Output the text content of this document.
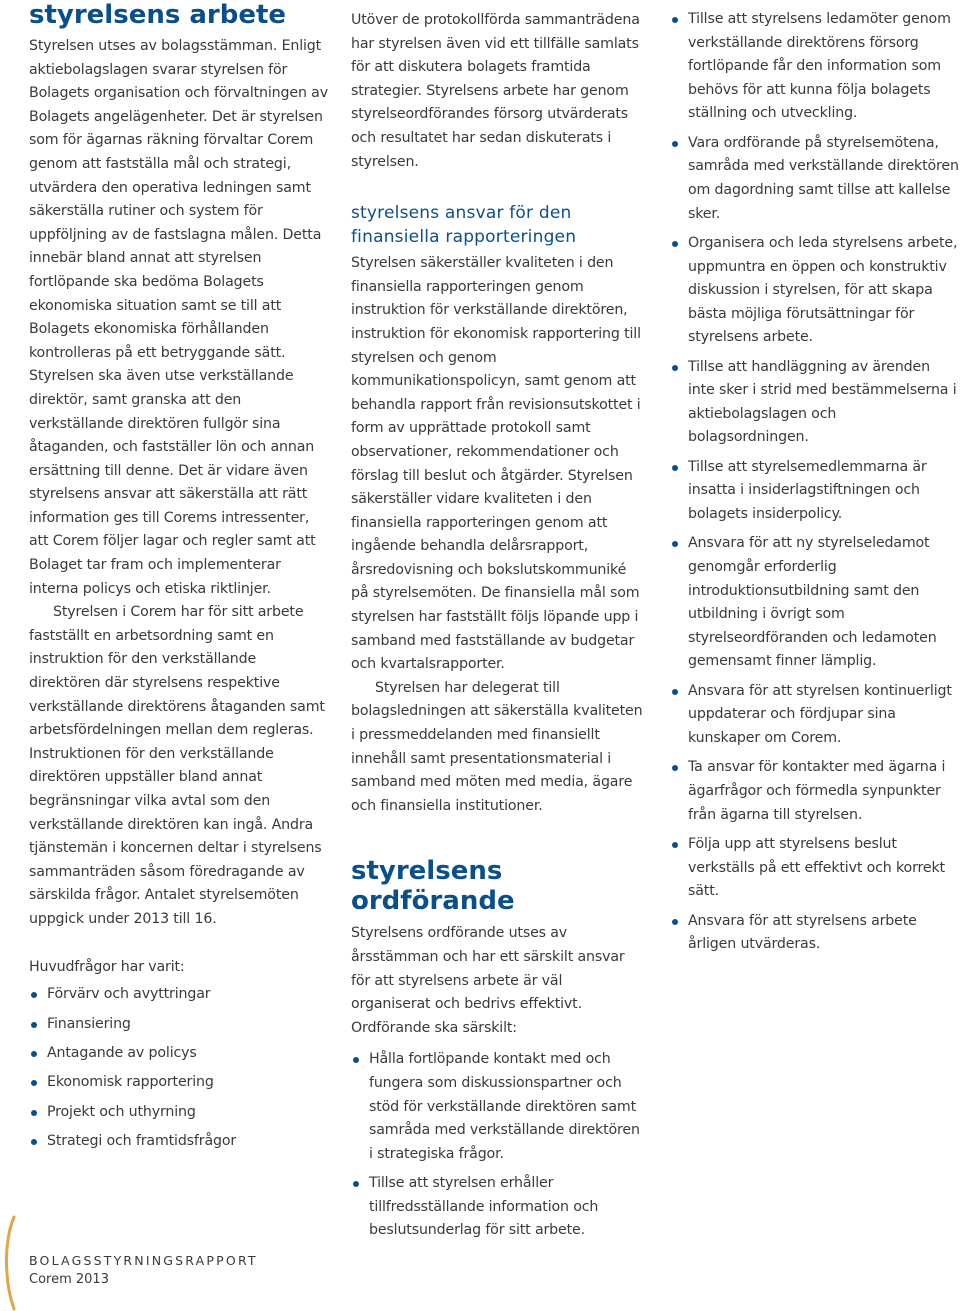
styrelsens arbete

Styrelsen utses av bolagsstämman. Enligt aktiebolagslagen svarar styrelsen för Bolagets organisation och förvaltningen av Bolagets angelägenheter. Det är styrelsen som för ägarnas räkning förvaltar Corem genom att fastställa mål och strategi, utvärdera den operativa ledningen samt säkerställa rutiner och system för uppföljning av de fastslagna målen. Detta innebär bland annat att styrelsen fortlöpande ska bedöma Bolagets ekonomiska situation samt se till att Bolagets ekonomiska förhållanden kontrolleras på ett betryggande sätt. Styrelsen ska även utse verkställande direktör, samt granska att den verkställande direktören fullgör sina åtaganden, och fastställer lön och annan ersättning till denne. Det är vidare även styrelsens ansvar att säkerställa att rätt information ges till Corems intressenter, att Corem följer lagar och regler samt att Bolaget tar fram och implementerar interna policys och etiska riktlinjer.

Styrelsen i Corem har för sitt arbete fastställt en arbetsordning samt en instruktion för den verkställande direktören där styrelsens respektive verkställande direktörens åtaganden samt arbetsfördelningen mellan dem regleras. Instruktionen för den verkställande direktören uppställer bland annat begränsningar vilka avtal som den verkställande direktören kan ingå. Andra tjänstemän i koncernen deltar i styrelsens sammanträden såsom föredragande av särskilda frågor. Antalet styrelsemöten uppgick under 2013 till 16.

Huvudfrågor har varit:

Förvärv och avyttringar
Finansiering
Antagande av policys
Ekonomisk rapportering
Projekt och uthyrning
Strategi och framtidsfrågor

Utöver de protokollförda sammanträdena har styrelsen även vid ett tillfälle samlats för att diskutera bolagets framtida strategier. Styrelsens arbete har genom styrelseordförandes försorg utvärderats och resultatet har sedan diskuterats i styrelsen.

styrelsens ansvar för den finansiella rapporteringen

Styrelsen säkerställer kvaliteten i den finansiella rapporteringen genom instruktion för verkställande direktören, instruktion för ekonomisk rapportering till styrelsen och genom kommunikationspolicyn, samt genom att behandla rapport från revisionsutskottet i form av upprättade protokoll samt observationer, rekommendationer och förslag till beslut och åtgärder. Styrelsen säkerställer vidare kvaliteten i den finansiella rapporteringen genom att ingående behandla delårsrapport, årsredovisning och bokslutskommuniké på styrelsemöten. De finansiella mål som styrelsen har fastställt följs löpande upp i samband med fastställande av budgetar och kvartalsrapporter.

Styrelsen har delegerat till bolagsledningen att säkerställa kvaliteten i pressmeddelanden med finansiellt innehåll samt presentationsmaterial i samband med möten med media, ägare och finansiella institutioner.

styrelsens ordförande

Styrelsens ordförande utses av årsstämman och har ett särskilt ansvar för att styrelsens arbete är väl organiserat och bedrivs effektivt. Ordförande ska särskilt:

Hålla fortlöpande kontakt med och fungera som diskussionspartner och stöd för verkställande direktören samt samråda med verkställande direktören i strategiska frågor.
Tillse att styrelsen erhåller tillfredsställande information och beslutsunderlag för sitt arbete.
Tillse att styrelsens ledamöter genom verkställande direktörens försorg fortlöpande får den information som behövs för att kunna följa bolagets ställning och utveckling.
Vara ordförande på styrelsemötena, samråda med verkställande direktören om dagordning samt tillse att kallelse sker.
Organisera och leda styrelsens arbete, uppmuntra en öppen och konstruktiv diskussion i styrelsen, för att skapa bästa möjliga förutsättningar för styrelsens arbete.
Tillse att handläggning av ärenden inte sker i strid med bestämmelserna i aktiebolagslagen och bolagsordningen.
Tillse att styrelsemedlemmarna är insatta i insiderlagstiftningen och bolagets insiderpolicy.
Ansvara för att ny styrelseledamot genomgår erforderlig introduktionsutbildning samt den utbildning i övrigt som styrelseordföranden och ledamoten gemensamt finner lämplig.
Ansvara för att styrelsen kontinuerligt uppdaterar och fördjupar sina kunskaper om Corem.
Ta ansvar för kontakter med ägarna i ägarfrågor och förmedla synpunkter från ägarna till styrelsen.
Följa upp att styrelsens beslut verkställs på ett effektivt och korrekt sätt.
Ansvara för att styrelsens arbete årligen utvärderas.
BOLAGSSTYRNINGSRAPPORT
Corem 2013
